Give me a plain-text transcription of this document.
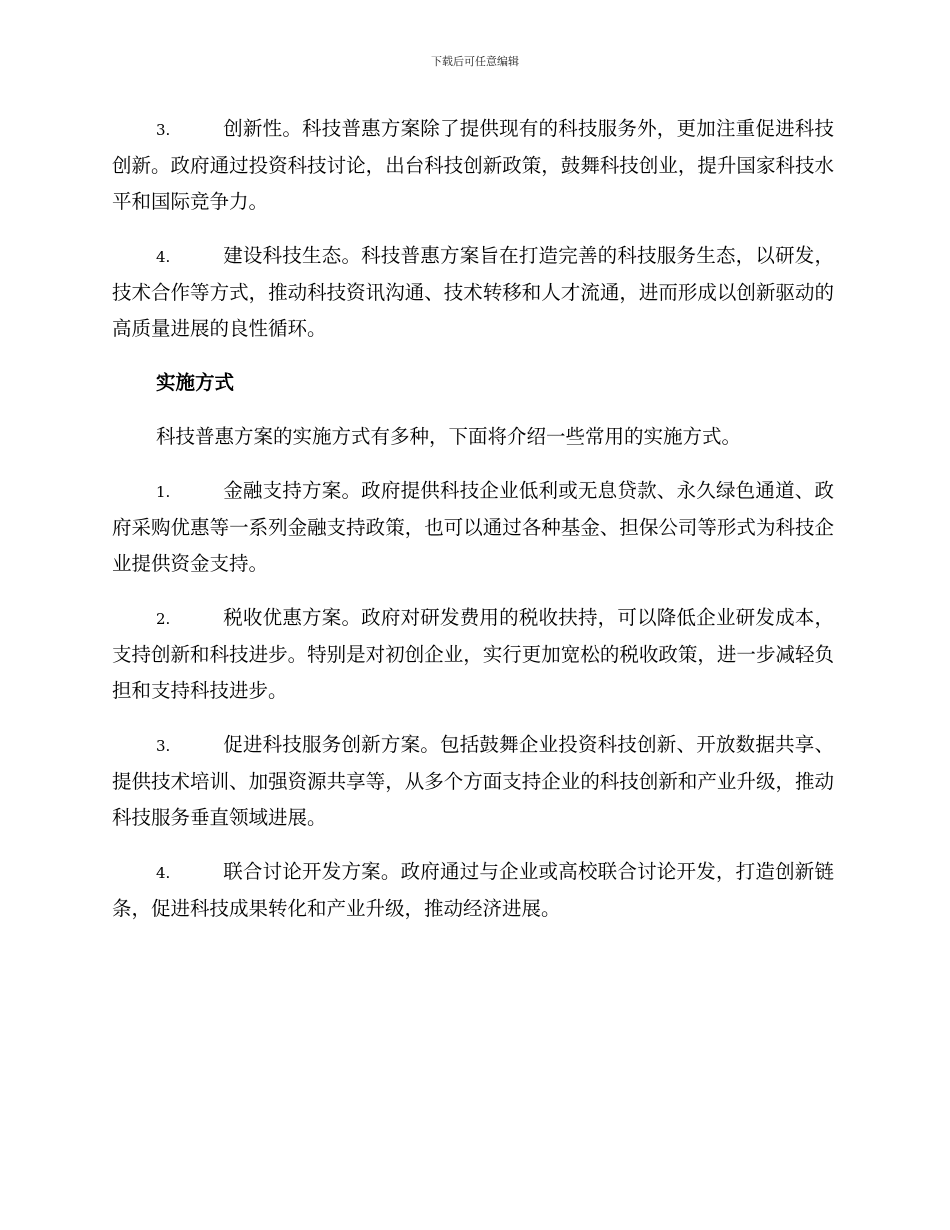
下载后可任意编辑

3.	创新性。科技普惠方案除了提供现有的科技服务外，更加注重促进科技创新。政府通过投资科技讨论，出台科技创新政策，鼓舞科技创业，提升国家科技水平和国际竞争力。

4.	建设科技生态。科技普惠方案旨在打造完善的科技服务生态，以研发，技术合作等方式，推动科技资讯沟通、技术转移和人才流通，进而形成以创新驱动的高质量进展的良性循环。

实施方式

科技普惠方案的实施方式有多种，下面将介绍一些常用的实施方式。

1.	金融支持方案。政府提供科技企业低利或无息贷款、永久绿色通道、政府采购优惠等一系列金融支持政策，也可以通过各种基金、担保公司等形式为科技企业提供资金支持。

2.	税收优惠方案。政府对研发费用的税收扶持，可以降低企业研发成本，支持创新和科技进步。特别是对初创企业，实行更加宽松的税收政策，进一步减轻负担和支持科技进步。

3.	促进科技服务创新方案。包括鼓舞企业投资科技创新、开放数据共享、提供技术培训、加强资源共享等，从多个方面支持企业的科技创新和产业升级，推动科技服务垂直领域进展。

4.	联合讨论开发方案。政府通过与企业或高校联合讨论开发，打造创新链条，促进科技成果转化和产业升级，推动经济进展。
